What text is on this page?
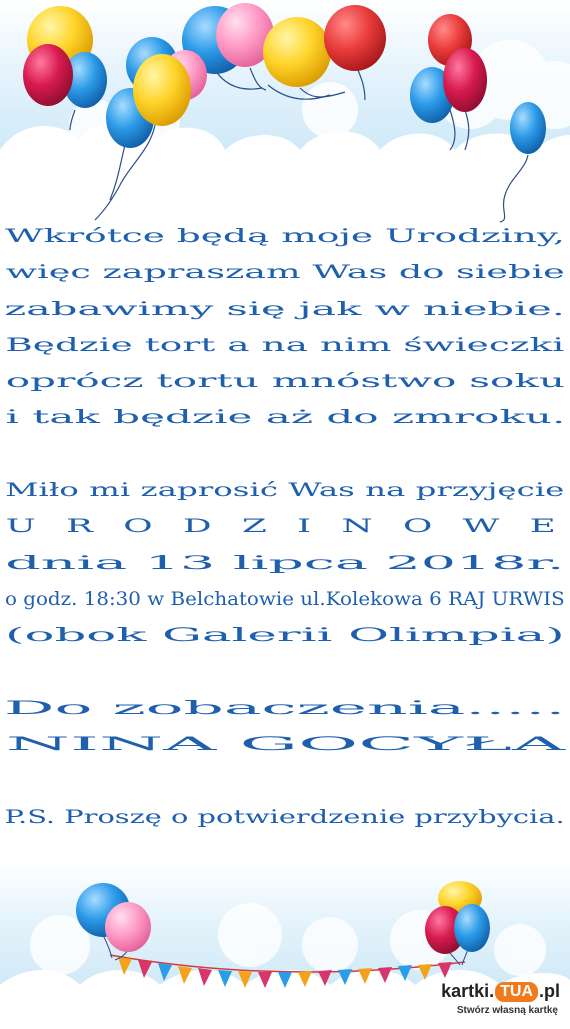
Wkrótce będą moje Urodziny,
więc zapraszam Was do siebie
zabawimy się jak w niebie.
Będzie tort a na nim świeczki
oprócz tortu mnóstwo soku
i tak będzie aż do zmroku.
Miło mi zaprosić Was na przyjęcie
U R O D Z I N O W E
dnia 13 lipca 2018r.
o godz. 18:30 w Belchatowie ul.Kolekowa 6 RAJ URWIS
(obok Galerii Olimpia)
Do zobaczenia.....
NINA GOCYŁA
P.S. Proszę o potwierdzenie przybycia.
kartki. TUA .pl
Stwórz własną kartkę
